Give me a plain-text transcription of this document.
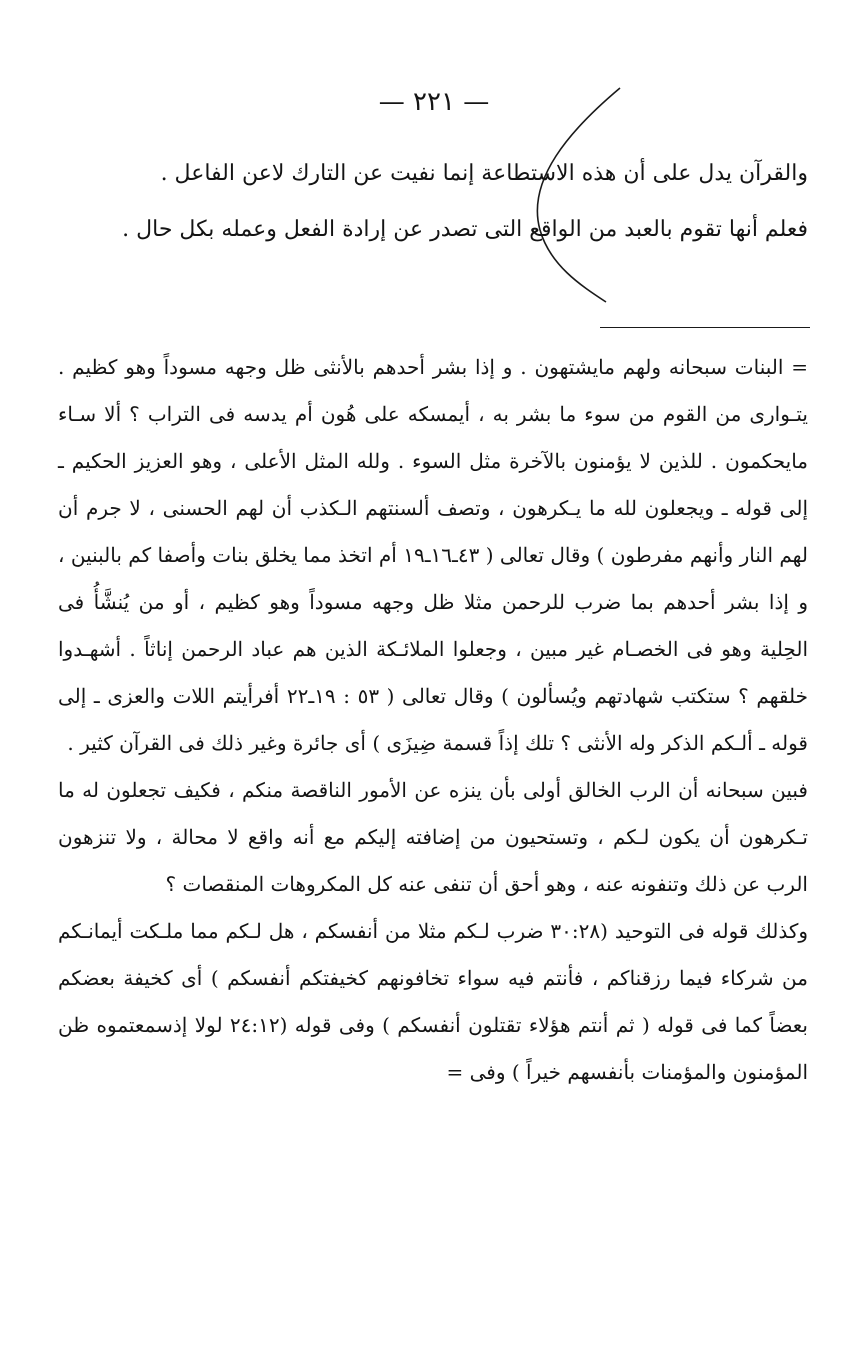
— ٢٢١ —

والقرآن يدل على أن هذه الاستطاعة إنما نفيت عن التارك لاعن الفاعل .

فعلم أنها تقوم بالعبد من الواقع التى تصدر عن إرادة الفعل وعمله بكل حال .

= البنات سبحانه ولهم مايشتهون . و إذا بشر أحدهم بالأنثى ظل وجهه مسوداً وهو كظيم . يتـوارى من القوم من سوء ما بشر به ، أيمسكه على هُون أم يدسه فى التراب ؟ ألا سـاء مايحكمون . للذين لا يؤمنون بالآخرة مثل السوء . ولله المثل الأعلى ، وهو العزيز الحكيم ـ إلى قوله ـ ويجعلون لله ما يـكرهون ، وتصف ألسنتهم الـكذب أن لهم الحسنى ، لا جرم أن لهم النار وأنهم مفرطون ) وقال تعالى ( ٤٣ـ١٦ـ١٩ أم اتخذ مما يخلق بنات وأصفا كم بالبنين ، و إذا بشر أحدهم بما ضرب للرحمن مثلا ظل وجهه مسوداً وهو كظيم ، أو من يُنشَّأُ فى الحِلية وهو فى الخصـام غير مبين ، وجعلوا الملائـكة الذين هم عباد الرحمن إناثاً . أشهـدوا خلقهم ؟ ستكتب شهادتهم ويُسألون ) وقال تعالى ( ٥٣ : ١٩ـ٢٢ أفرأيتم اللات والعزى ـ إلى قوله ـ ألـكم الذكر وله الأنثى ؟ تلك إذاً قسمة ضِيزَى ) أى جائرة وغير ذلك فى القرآن كثير .

فبين سبحانه أن الرب الخالق أولى بأن ينزه عن الأمور الناقصة منكم ، فكيف تجعلون له ما تـكرهون أن يكون لـكم ، وتستحيون من إضافته إليكم مع أنه واقع لا محالة ، ولا تنزهون الرب عن ذلك وتنفونه عنه ، وهو أحق أن تنفى عنه كل المكروهات المنقصات ؟

وكذلك قوله فى التوحيد (٣٠:٢٨ ضرب لـكم مثلا من أنفسكم ، هل لـكم مما ملـكت أيمانـكم من شركاء فيما رزقناكم ، فأنتم فيه سواء تخافونهم كخيفتكم أنفسكم ) أى كخيفة بعضكم بعضاً كما فى قوله ( ثم أنتم هؤلاء تقتلون أنفسكم ) وفى قوله (٢٤:١٢ لولا إذسمعتموه ظن المؤمنون والمؤمنات بأنفسهم خيراً ) وفى =
